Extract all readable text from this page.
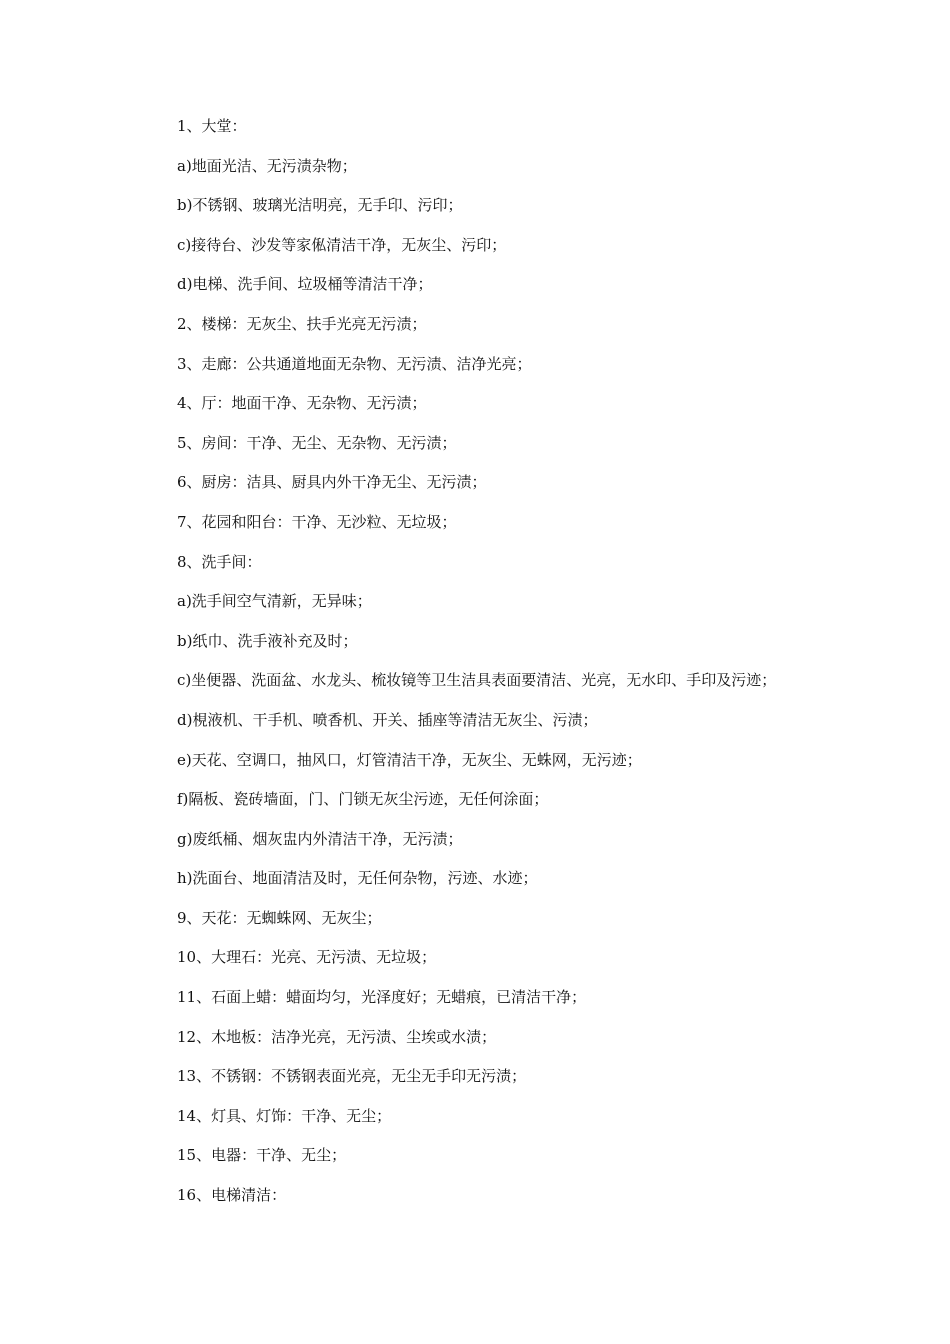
1、大堂：
a)地面光洁、无污渍杂物；
b)不锈钢、玻璃光洁明亮，无手印、污印；
c)接待台、沙发等家俬清洁干净，无灰尘、污印；
d)电梯、洗手间、垃圾桶等清洁干净；
2、楼梯：无灰尘、扶手光亮无污渍；
3、走廊：公共通道地面无杂物、无污渍、洁净光亮；
4、厅：地面干净、无杂物、无污渍；
5、房间：干净、无尘、无杂物、无污渍；
6、厨房：洁具、厨具内外干净无尘、无污渍；
7、花园和阳台：干净、无沙粒、无垃圾；
8、洗手间：
a)洗手间空气清新，无异味；
b)纸巾、洗手液补充及时；
c)坐便器、洗面盆、水龙头、梳妆镜等卫生洁具表面要清洁、光亮，无水印、手印及污迹；
d)梘液机、干手机、喷香机、开关、插座等清洁无灰尘、污渍；
e)天花、空调口，抽风口，灯管清洁干净，无灰尘、无蛛网，无污迹；
f)隔板、瓷砖墙面，门、门锁无灰尘污迹，无任何涂面；
g)废纸桶、烟灰盅内外清洁干净，无污渍；
h)洗面台、地面清洁及时，无任何杂物，污迹、水迹；
9、天花：无蜘蛛网、无灰尘；
10、大理石：光亮、无污渍、无垃圾；
11、石面上蜡：蜡面均匀，光泽度好；无蜡痕，已清洁干净；
12、木地板：洁净光亮，无污渍、尘埃或水渍；
13、不锈钢：不锈钢表面光亮，无尘无手印无污渍；
14、灯具、灯饰：干净、无尘；
15、电器：干净、无尘；
16、电梯清洁：
